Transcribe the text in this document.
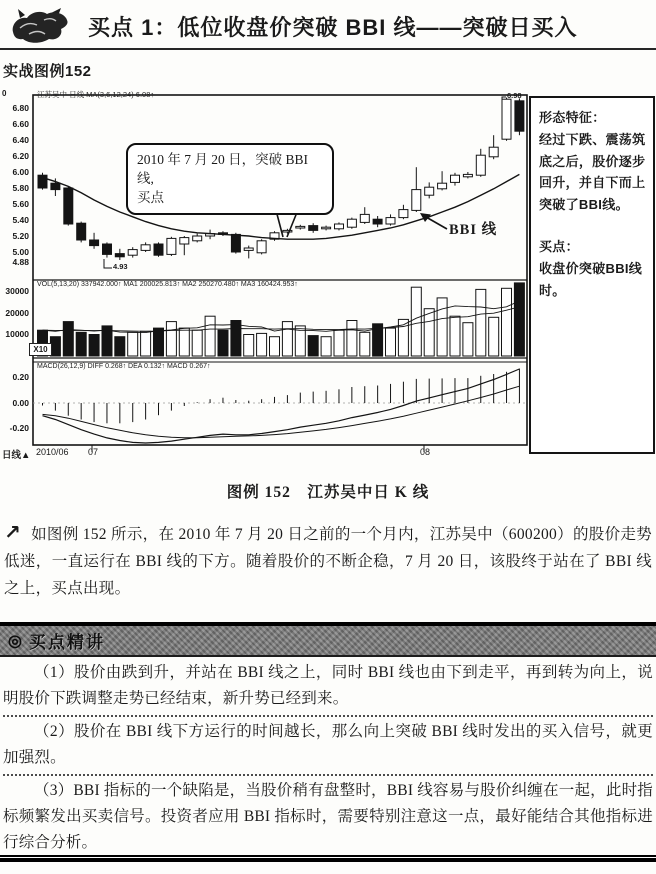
买点 1：低位收盘价突破 BBI 线——突破日买入
实战图例152
0	江苏吴中 日线 MA(3,6,12,24) 6.08↑
6.80
6.60
6.40
6.20
6.00
5.80
5.60
5.40
5.20
5.00
4.88
VOL(5,13,20) 337942.000↑ MA1 200025.813↑ MA2 250270.480↑ MA3 160424.953↑
30000
20000
10000
X10
MACD(26,12,9) DIFF 0.268↑ DEA 0.132↑ MACD 0.267↑
0.20
0.00
-0.20
日线▲ 2010/06 07	08
2010 年 7 月 20 日，突破 BBI 线,
买点
BBI 线
6.98
4.93

形态特征：

经过下跌、震荡筑底之后，股价逐步回升，并自下而上突破了BBI线。

买点：

收盘价突破BBI线时。

图例 152　江苏吴中日 K 线

↗ 如图例 152 所示，在 2010 年 7 月 20 日之前的一个月内，江苏吴中（600200）的股价走势低迷，一直运行在 BBI 线的下方。随着股价的不断企稳，7 月 20 日，该股终于站在了 BBI 线之上，买点出现。

◎ 买点精讲

（1）股价由跌到升，并站在 BBI 线之上，同时 BBI 线也由下到走平，再到转为向上，说明股价下跌调整走势已经结束，新升势已经到来。

（2）股价在 BBI 线下方运行的时间越长，那么向上突破 BBI 线时发出的买入信号，就更加强烈。

（3）BBI 指标的一个缺陷是，当股价稍有盘整时，BBI 线容易与股价纠缠在一起，此时指标频繁发出买卖信号。投资者应用 BBI 指标时，需要特别注意这一点，最好能结合其他指标进行综合分析。
